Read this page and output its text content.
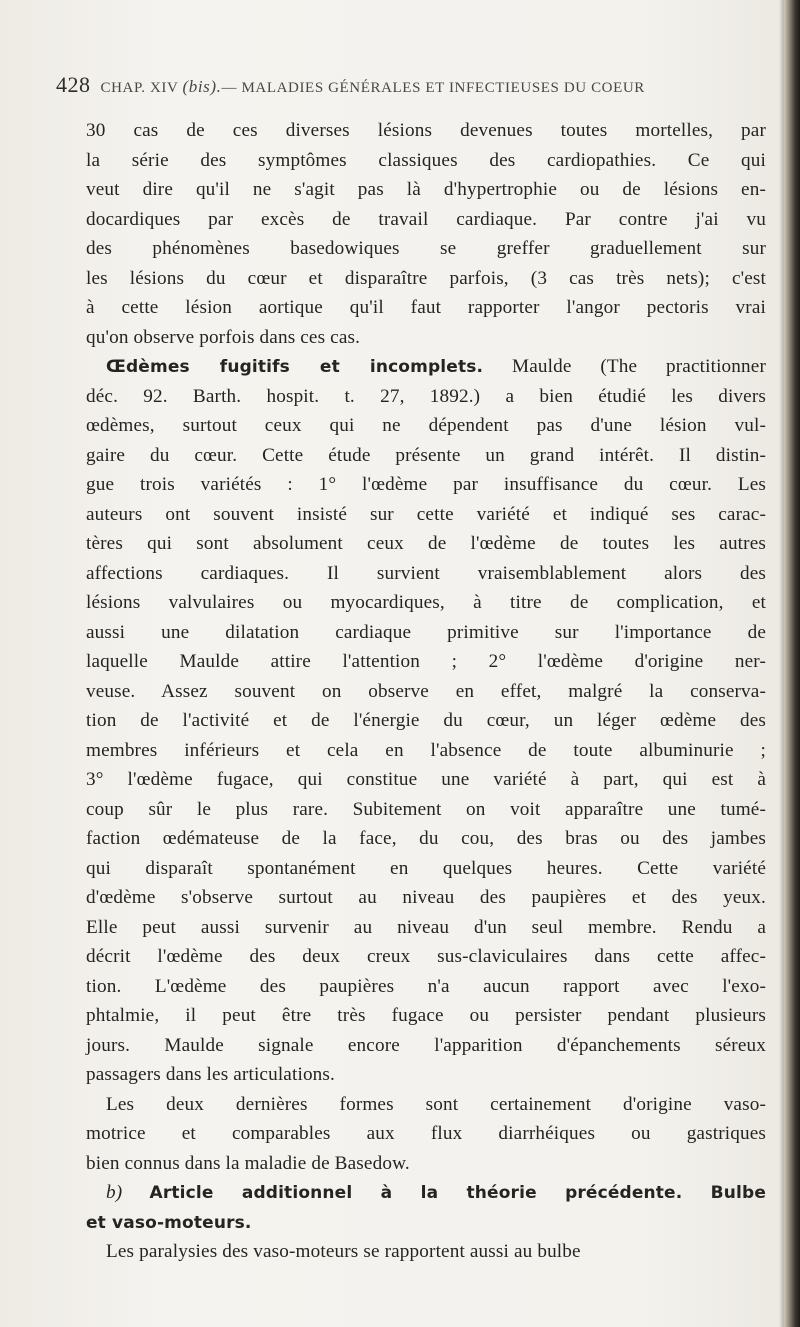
428 CHAP. XIV (bis).— MALADIES GÉNÉRALES ET INFECTIEUSES DU COEUR
30 cas de ces diverses lésions devenues toutes mortelles, par
la série des symptômes classiques des cardiopathies. Ce qui
veut dire qu'il ne s'agit pas là d'hypertrophie ou de lésions en-
docardiques par excès de travail cardiaque. Par contre j'ai vu
des phénomènes basedowiques se greffer graduellement sur
les lésions du cœur et disparaître parfois, (3 cas très nets); c'est
à cette lésion aortique qu'il faut rapporter l'angor pectoris vrai
qu'on observe porfois dans ces cas.
Œdèmes fugitifs et incomplets. Maulde (The practitionner
déc. 92. Barth. hospit. t. 27, 1892.) a bien étudié les divers
œdèmes, surtout ceux qui ne dépendent pas d'une lésion vul-
gaire du cœur. Cette étude présente un grand intérêt. Il distin-
gue trois variétés : 1° l'œdème par insuffisance du cœur. Les
auteurs ont souvent insisté sur cette variété et indiqué ses carac-
tères qui sont absolument ceux de l'œdème de toutes les autres
affections cardiaques. Il survient vraisemblablement alors des
lésions valvulaires ou myocardiques, à titre de complication, et
aussi une dilatation cardiaque primitive sur l'importance de
laquelle Maulde attire l'attention ; 2° l'œdème d'origine ner-
veuse. Assez souvent on observe en effet, malgré la conserva-
tion de l'activité et de l'énergie du cœur, un léger œdème des
membres inférieurs et cela en l'absence de toute albuminurie ;
3° l'œdème fugace, qui constitue une variété à part, qui est à
coup sûr le plus rare. Subitement on voit apparaître une tumé-
faction œdémateuse de la face, du cou, des bras ou des jambes
qui disparaît spontanément en quelques heures. Cette variété
d'œdème s'observe surtout au niveau des paupières et des yeux.
Elle peut aussi survenir au niveau d'un seul membre. Rendu a
décrit l'œdème des deux creux sus-claviculaires dans cette affec-
tion. L'œdème des paupières n'a aucun rapport avec l'exo-
phtalmie, il peut être très fugace ou persister pendant plusieurs
jours. Maulde signale encore l'apparition d'épanchements séreux
passagers dans les articulations.
Les deux dernières formes sont certainement d'origine vaso-
motrice et comparables aux flux diarrhéiques ou gastriques
bien connus dans la maladie de Basedow.
b) Article additionnel à la théorie précédente. Bulbe
et vaso-moteurs.
Les paralysies des vaso-moteurs se rapportent aussi au bulbe
